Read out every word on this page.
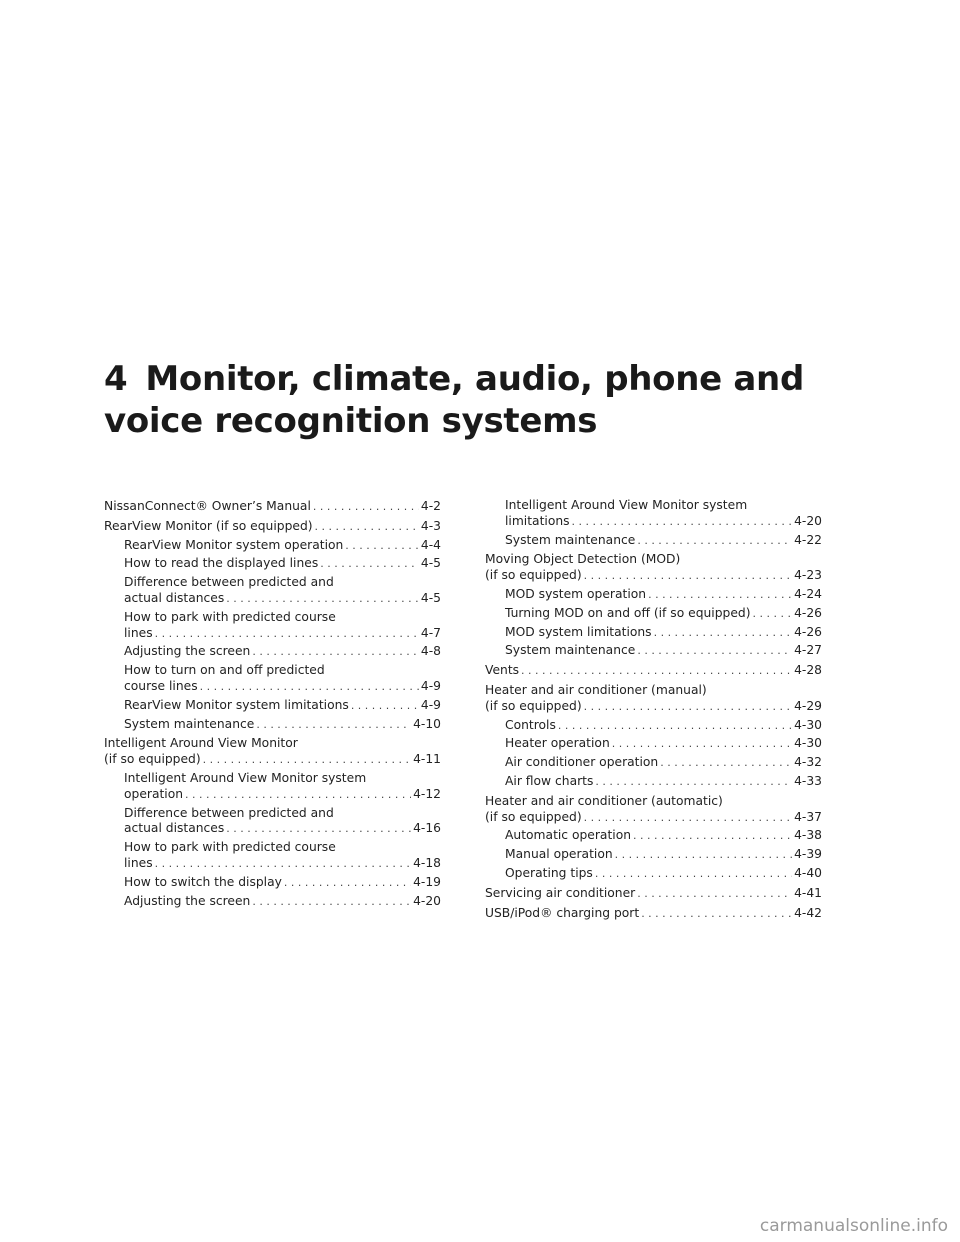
4 Monitor, climate, audio, phone and
voice recognition systems
NissanConnect® Owner’s Manual . . .	4-2
RearView Monitor (if so equipped) . . .	4-3
RearView Monitor system operation . . .	4-4
How to read the displayed lines . . .	4-5
Difference between predicted and
actual distances . . .	4-5
How to park with predicted course
lines . . .	4-7
Adjusting the screen . . .	4-8
How to turn on and off predicted
course lines . . .	4-9
RearView Monitor system limitations . . .	4-9
System maintenance . . .	4-10
Intelligent Around View Monitor
(if so equipped) . . .	4-11
Intelligent Around View Monitor system
operation . . .	4-12
Difference between predicted and
actual distances . . .	4-16
How to park with predicted course
lines . . .	4-18
How to switch the display . . .	4-19
Adjusting the screen . . .	4-20
Intelligent Around View Monitor system
limitations . . .	4-20
System maintenance . . .	4-22
Moving Object Detection (MOD)
(if so equipped) . . .	4-23
MOD system operation . . .	4-24
Turning MOD on and off (if so equipped) . . .	4-26
MOD system limitations . . .	4-26
System maintenance . . .	4-27
Vents . . .	4-28
Heater and air conditioner (manual)
(if so equipped) . . .	4-29
Controls . . .	4-30
Heater operation . . .	4-30
Air conditioner operation . . .	4-32
Air flow charts . . .	4-33
Heater and air conditioner (automatic)
(if so equipped) . . .	4-37
Automatic operation . . .	4-38
Manual operation . . .	4-39
Operating tips . . .	4-40
Servicing air conditioner . . .	4-41
USB/iPod® charging port . . .	4-42
carmanualsonline.info
